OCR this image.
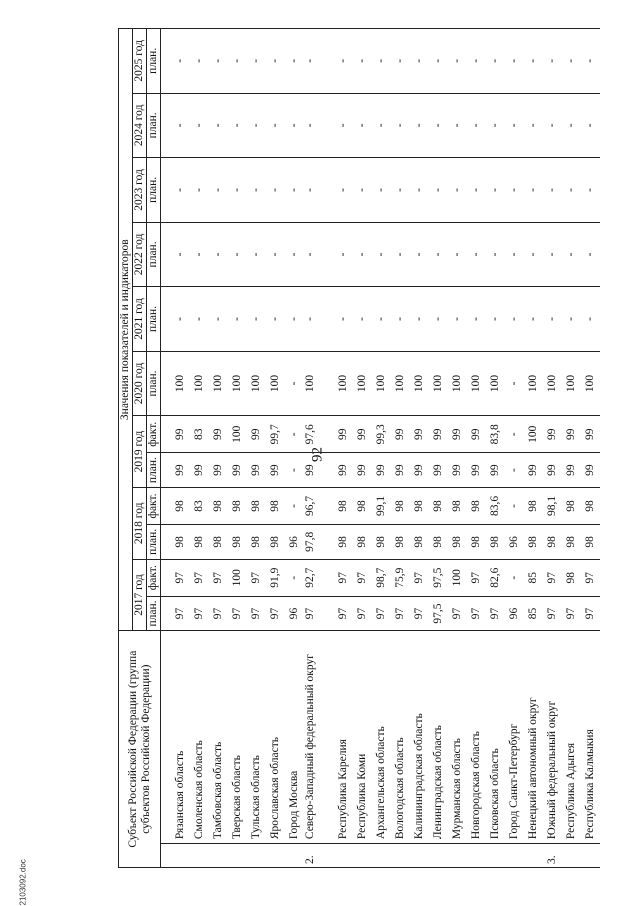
92
2103092.doc
Субъект Российской Федерации (группа субъектов Российской Федерации)		Значения показателей и индикаторов											
		2017 год		2018 год		2019 год		2020 год	2021 год	2022 год	2023 год	2024 год	2025 год
		план.	факт.	план.	факт.	план.	факт.	план.	план.	план.	план.	план.	план.

	Рязанская область	97	97	98	98	99	99	100	-	-	-	-	-
	Смоленская область	97	97	98	83	99	83	100	-	-	-	-	-
	Тамбовская область	97	97	98	98	99	99	100	-	-	-	-	-
	Тверская область	97	100	98	98	99	100	100	-	-	-	-	-
	Тульская область	97	97	98	98	99	99	100	-	-	-	-	-
	Ярославская область	97	91,9	98	98	99	99,7	100	-	-	-	-	-
	Город Москва	96	-	96	-	-	-	-	-	-	-	-	-
2.	Северо-Западный федеральный округ	97	92,7	97,8	96,7	99	97,6	100	-	-	-	-	-
	Республика Карелия	97	97	98	98	99	99	100	-	-	-	-	-
	Республика Коми	97	97	98	98	99	99	100	-	-	-	-	-
	Архангельская область	97	98,7	98	99,1	99	99,3	100	-	-	-	-	-
	Вологодская область	97	75,9	98	98	99	99	100	-	-	-	-	-
	Калининградская область	97	97	98	98	99	99	100	-	-	-	-	-
	Ленинградская область	97,5	97,5	98	98	99	99	100	-	-	-	-	-
	Мурманская область	97	100	98	98	99	99	100	-	-	-	-	-
	Новгородская область	97	97	98	98	99	99	100	-	-	-	-	-
	Псковская область	97	82,6	98	83,6	99	83,8	100	-	-	-	-	-
	Город Санкт-Петербург	96	-	96	-	-	-	-	-	-	-	-	-
	Ненецкий автономный округ	85	85	98	98	99	100	100	-	-	-	-	-
3.	Южный федеральный округ	97	97	98	98,1	99	99	100	-	-	-	-	-
	Республика Адыгея	97	98	98	98	99	99	100	-	-	-	-	-
	Республика Калмыкия	97	97	98	98	99	99	100	-	-	-	-	-
